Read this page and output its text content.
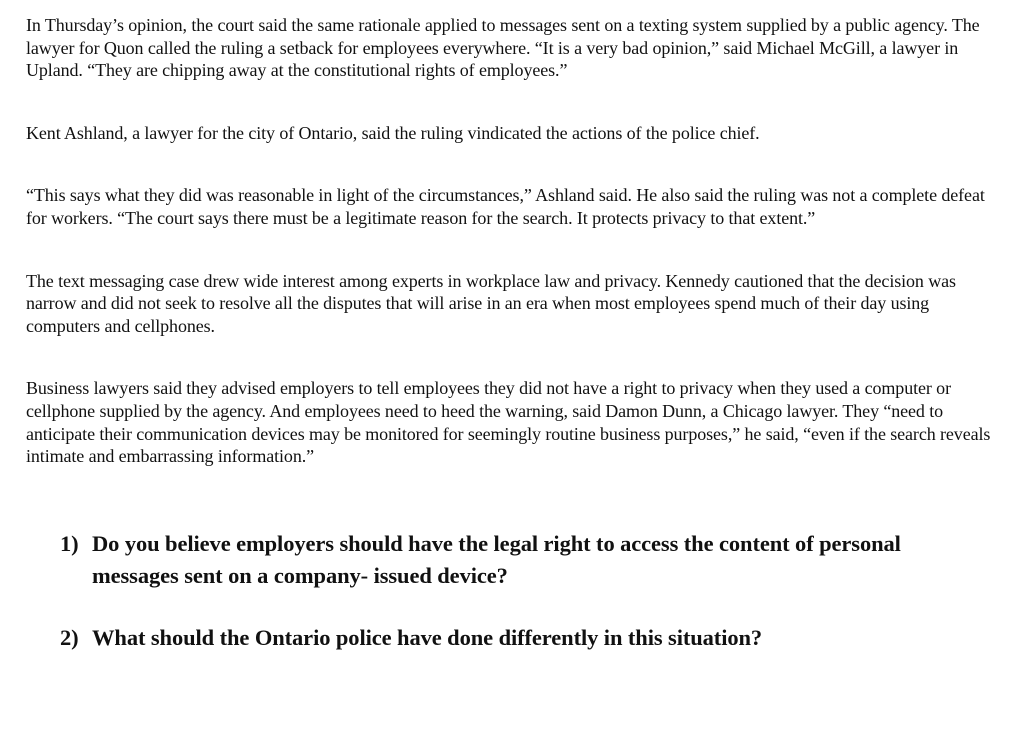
In Thursday’s opinion, the court said the same rationale applied to messages sent on a texting system supplied by a public agency. The lawyer for Quon called the ruling a setback for employees everywhere. “It is a very bad opinion,” said Michael McGill, a lawyer in Upland. “They are chipping away at the constitutional rights of employees.”

Kent Ashland, a lawyer for the city of Ontario, said the ruling vindicated the actions of the police chief.

“This says what they did was reasonable in light of the circumstances,” Ashland said. He also said the ruling was not a complete defeat for workers. “The court says there must be a legitimate reason for the search. It protects privacy to that extent.”

The text messaging case drew wide interest among experts in workplace law and privacy. Kennedy cautioned that the decision was narrow and did not seek to resolve all the disputes that will arise in an era when most employees spend much of their day using computers and cellphones.

Business lawyers said they advised employers to tell employees they did not have a right to privacy when they used a computer or cellphone supplied by the agency. And employees need to heed the warning, said Damon Dunn, a Chicago lawyer. They “need to anticipate their communication devices may be monitored for seemingly routine business purposes,” he said, “even if the search reveals intimate and embarrassing information.”

1) Do you believe employers should have the legal right to access the content of personal messages sent on a company- issued device?
2) What should the Ontario police have done differently in this situation?
